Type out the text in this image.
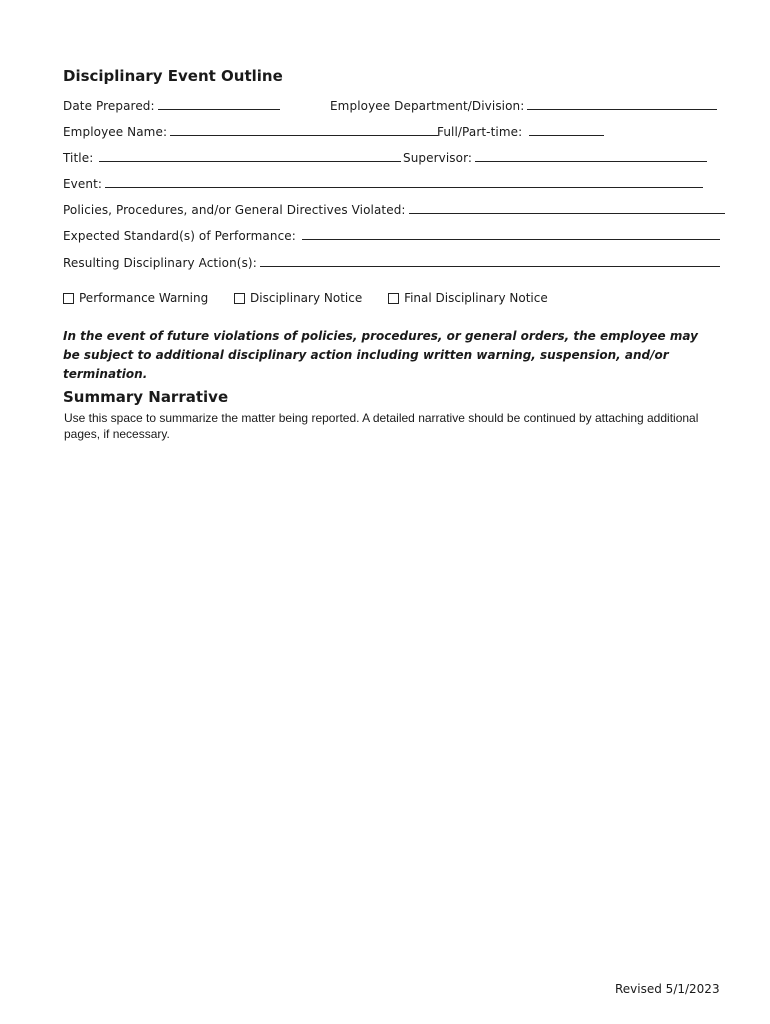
Disciplinary Event Outline
Date Prepared:	Employee Department/Division:
Employee Name:	Full/Part-time:
Title:	Supervisor:
Event:
Policies, Procedures, and/or General Directives Violated:
Expected Standard(s) of Performance:
Resulting Disciplinary Action(s):
Performance Warning
	Disciplinary Notice
	Final Disciplinary Notice
In the event of future violations of policies, procedures, or general orders, the employee may be subject to additional disciplinary action including written warning, suspension, and/or termination.
Summary Narrative
Use this space to summarize the matter being reported. A detailed narrative should be continued by attaching additional pages, if necessary.
Revised 5/1/2023
